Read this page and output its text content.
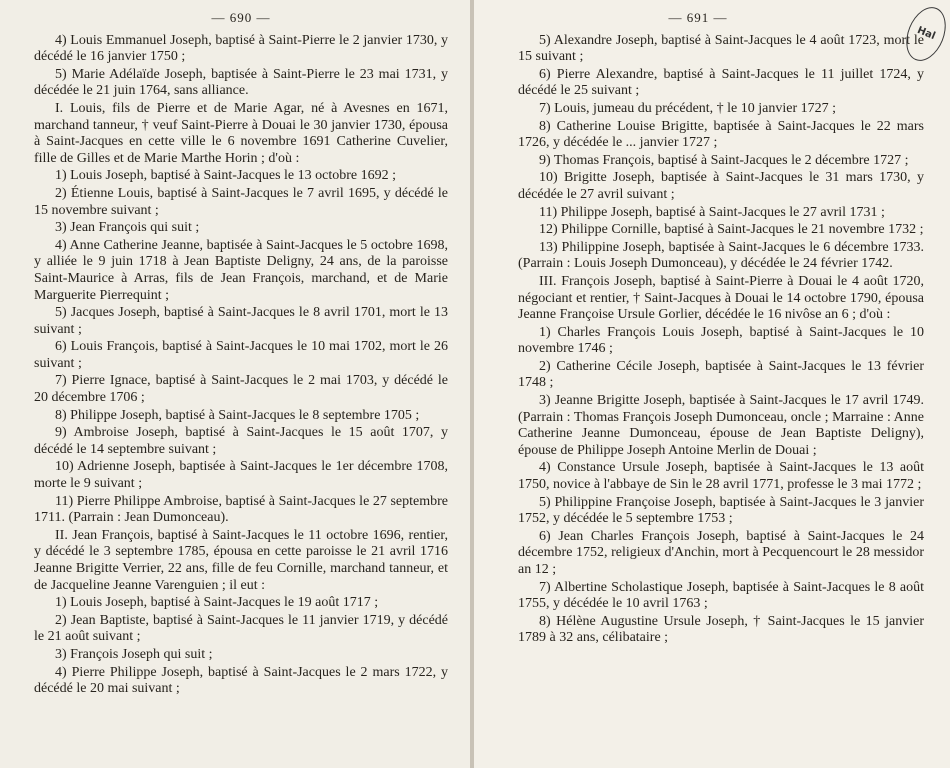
— 690 —

4) Louis Emmanuel Joseph, baptisé à Saint-Pierre le 2 janvier 1730, y décédé le 16 janvier 1750 ;

5) Marie Adélaïde Joseph, baptisée à Saint-Pierre le 23 mai 1731, y décédée le 21 juin 1764, sans alliance.

I. Louis, fils de Pierre et de Marie Agar, né à Avesnes en 1671, marchand tanneur, † veuf Saint-Pierre à Douai le 30 janvier 1730, épousa à Saint-Jacques en cette ville le 6 novembre 1691 Catherine Cuvelier, fille de Gilles et de Marie Marthe Horin ; d'où :

1) Louis Joseph, baptisé à Saint-Jacques le 13 octobre 1692 ;

2) Étienne Louis, baptisé à Saint-Jacques le 7 avril 1695, y décédé le 15 novembre suivant ;

3) Jean François qui suit ;

4) Anne Catherine Jeanne, baptisée à Saint-Jacques le 5 octobre 1698, y alliée le 9 juin 1718 à Jean Baptiste Deligny, 24 ans, de la paroisse Saint-Maurice à Arras, fils de Jean François, marchand, et de Marie Marguerite Pierrequint ;

5) Jacques Joseph, baptisé à Saint-Jacques le 8 avril 1701, mort le 13 suivant ;

6) Louis François, baptisé à Saint-Jacques le 10 mai 1702, mort le 26 suivant ;

7) Pierre Ignace, baptisé à Saint-Jacques le 2 mai 1703, y décédé le 20 décembre 1706 ;

8) Philippe Joseph, baptisé à Saint-Jacques le 8 septembre 1705 ;

9) Ambroise Joseph, baptisé à Saint-Jacques le 15 août 1707, y décédé le 14 septembre suivant ;

10) Adrienne Joseph, baptisée à Saint-Jacques le 1er décembre 1708, morte le 9 suivant ;

11) Pierre Philippe Ambroise, baptisé à Saint-Jacques le 27 septembre 1711. (Parrain : Jean Dumonceau).

II. Jean François, baptisé à Saint-Jacques le 11 octobre 1696, rentier, y décédé le 3 septembre 1785, épousa en cette paroisse le 21 avril 1716 Jeanne Brigitte Verrier, 22 ans, fille de feu Cornille, marchand tanneur, et de Jacqueline Jeanne Varenguien ; il eut :

1) Louis Joseph, baptisé à Saint-Jacques le 19 août 1717 ;

2) Jean Baptiste, baptisé à Saint-Jacques le 11 janvier 1719, y décédé le 21 août suivant ;

3) François Joseph qui suit ;

4) Pierre Philippe Joseph, baptisé à Saint-Jacques le 2 mars 1722, y décédé le 20 mai suivant ;

Hal
— 691 —

5) Alexandre Joseph, baptisé à Saint-Jacques le 4 août 1723, mort le 15 suivant ;

6) Pierre Alexandre, baptisé à Saint-Jacques le 11 juillet 1724, y décédé le 25 suivant ;

7) Louis, jumeau du précédent, † le 10 janvier 1727 ;

8) Catherine Louise Brigitte, baptisée à Saint-Jacques le 22 mars 1726, y décédée le ... janvier 1727 ;

9) Thomas François, baptisé à Saint-Jacques le 2 décembre 1727 ;

10) Brigitte Joseph, baptisée à Saint-Jacques le 31 mars 1730, y décédée le 27 avril suivant ;

11) Philippe Joseph, baptisé à Saint-Jacques le 27 avril 1731 ;

12) Philippe Cornille, baptisé à Saint-Jacques le 21 novembre 1732 ;

13) Philippine Joseph, baptisée à Saint-Jacques le 6 décembre 1733. (Parrain : Louis Joseph Dumonceau), y décédée le 24 février 1742.

III. François Joseph, baptisé à Saint-Pierre à Douai le 4 août 1720, négociant et rentier, † Saint-Jacques à Douai le 14 octobre 1790, épousa Jeanne Françoise Ursule Gorlier, décédée le 16 nivôse an 6 ; d'où :

1) Charles François Louis Joseph, baptisé à Saint-Jacques le 10 novembre 1746 ;

2) Catherine Cécile Joseph, baptisée à Saint-Jacques le 13 février 1748 ;

3) Jeanne Brigitte Joseph, baptisée à Saint-Jacques le 17 avril 1749. (Parrain : Thomas François Joseph Dumonceau, oncle ; Marraine : Anne Catherine Jeanne Dumonceau, épouse de Jean Baptiste Deligny), épouse de Philippe Joseph Antoine Merlin de Douai ;

4) Constance Ursule Joseph, baptisée à Saint-Jacques le 13 août 1750, novice à l'abbaye de Sin le 28 avril 1771, professe le 3 mai 1772 ;

5) Philippine Françoise Joseph, baptisée à Saint-Jacques le 3 janvier 1752, y décédée le 5 septembre 1753 ;

6) Jean Charles François Joseph, baptisé à Saint-Jacques le 24 décembre 1752, religieux d'Anchin, mort à Pecquencourt le 28 messidor an 12 ;

7) Albertine Scholastique Joseph, baptisée à Saint-Jacques le 8 août 1755, y décédée le 10 avril 1763 ;

8) Hélène Augustine Ursule Joseph, † Saint-Jacques le 15 janvier 1789 à 32 ans, célibataire ;
